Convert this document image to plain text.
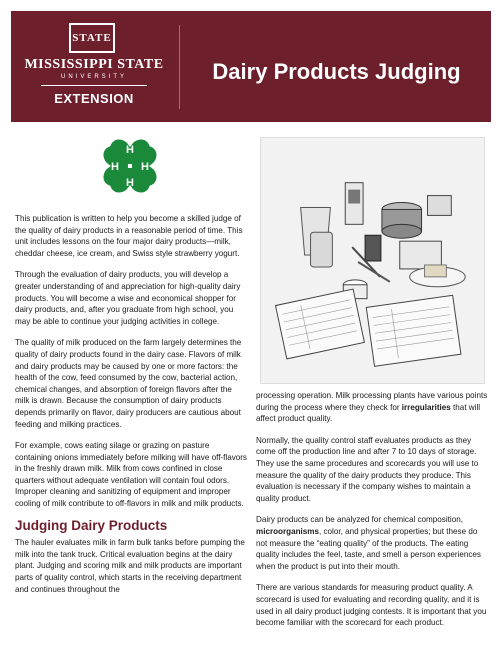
STATE
MISSISSIPPI STATE
UNIVERSITY
EXTENSION
Dairy Products Judging
H
H
H H

This publication is written to help you become a skilled judge of the quality of dairy products in a reasonable period of time. This unit includes lessons on the four major dairy products—milk, cheddar cheese, ice cream, and Swiss style strawberry yogurt.

Through the evaluation of dairy products, you will develop a greater understanding of and appreciation for high-quality dairy products. You will become a wise and economical shopper for dairy products, and, after you graduate from high school, you may be able to continue your judging activities in college.

The quality of milk produced on the farm largely determines the quality of dairy products found in the dairy case. Flavors of milk and dairy products may be caused by one or more factors: the health of the cow, feed consumed by the cow, bacterial action, chemical changes, and absorption of foreign flavors after the milk is drawn. Because the consumption of dairy products depends primarily on flavor, dairy producers are cautious about feeding and milking practices.

For example, cows eating silage or grazing on pasture containing onions immediately before milking will have off-flavors in the freshly drawn milk. Milk from cows confined in close quarters without adequate ventilation will contain foul odors. Improper cleaning and sanitizing of equipment and improper cooling of milk contribute to off-flavors in milk and milk products.

Judging Dairy Products

The hauler evaluates milk in farm bulk tanks before pumping the milk into the tank truck. Critical evaluation begins at the dairy plant. Judging and scoring milk and milk products are important parts of quality control, which starts in the receiving department and continues throughout the

processing operation. Milk processing plants have various points during the process where they check for irregularities that will affect product quality.

Normally, the quality control staff evaluates products as they come off the production line and after 7 to 10 days of storage. They use the same procedures and scorecards you will use to measure the quality of the dairy products they produce. This evaluation is necessary if the company wishes to maintain a quality product.

Dairy products can be analyzed for chemical composition, microorganisms, color, and physical properties; but these do not measure the “eating quality” of the products. The eating quality includes the feel, taste, and smell a person experiences when the product is put into their mouth.

There are various standards for measuring product quality. A scorecard is used for evaluating and recording quality, and it is used in all dairy product judging contests. It is important that you become familiar with the scorecard for each product.
